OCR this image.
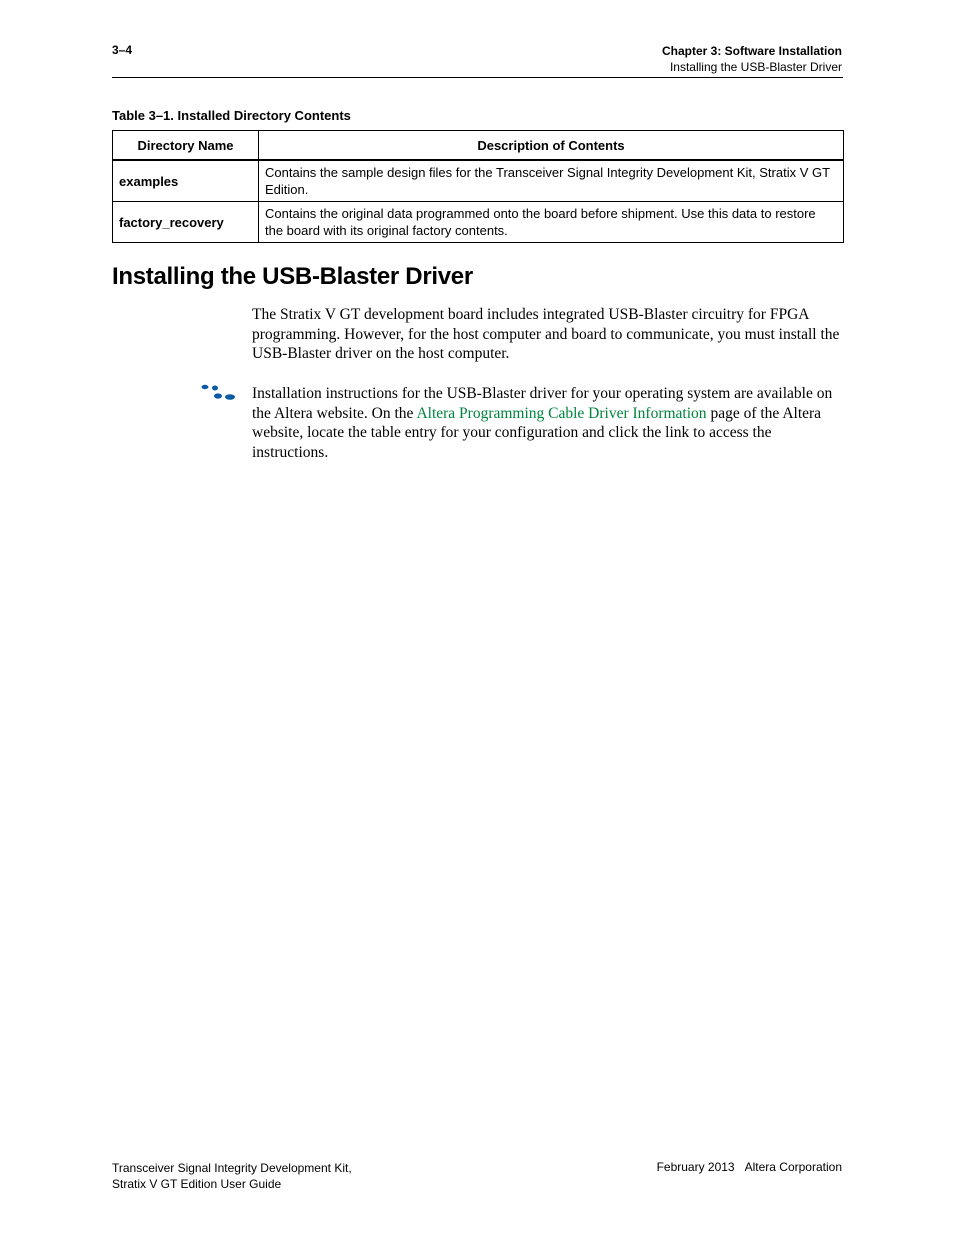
3–4	Chapter 3: Software Installation
Installing the USB-Blaster Driver
Table 3–1. Installed Directory Contents
Directory Name	Description of Contents
examples	Contains the sample design files for the Transceiver Signal Integrity Development Kit, Stratix V GT Edition.
factory_recovery	Contains the original data programmed onto the board before shipment. Use this data to restore the board with its original factory contents.
Installing the USB-Blaster Driver
The Stratix V GT development board includes integrated USB-Blaster circuitry for FPGA programming. However, for the host computer and board to communicate, you must install the USB-Blaster driver on the host computer.
Installation instructions for the USB-Blaster driver for your operating system are available on the Altera website. On the Altera Programming Cable Driver Information page of the Altera website, locate the table entry for your configuration and click the link to access the instructions.
Transceiver Signal Integrity Development Kit,
Stratix V GT Edition User Guide
February 2013 Altera Corporation
